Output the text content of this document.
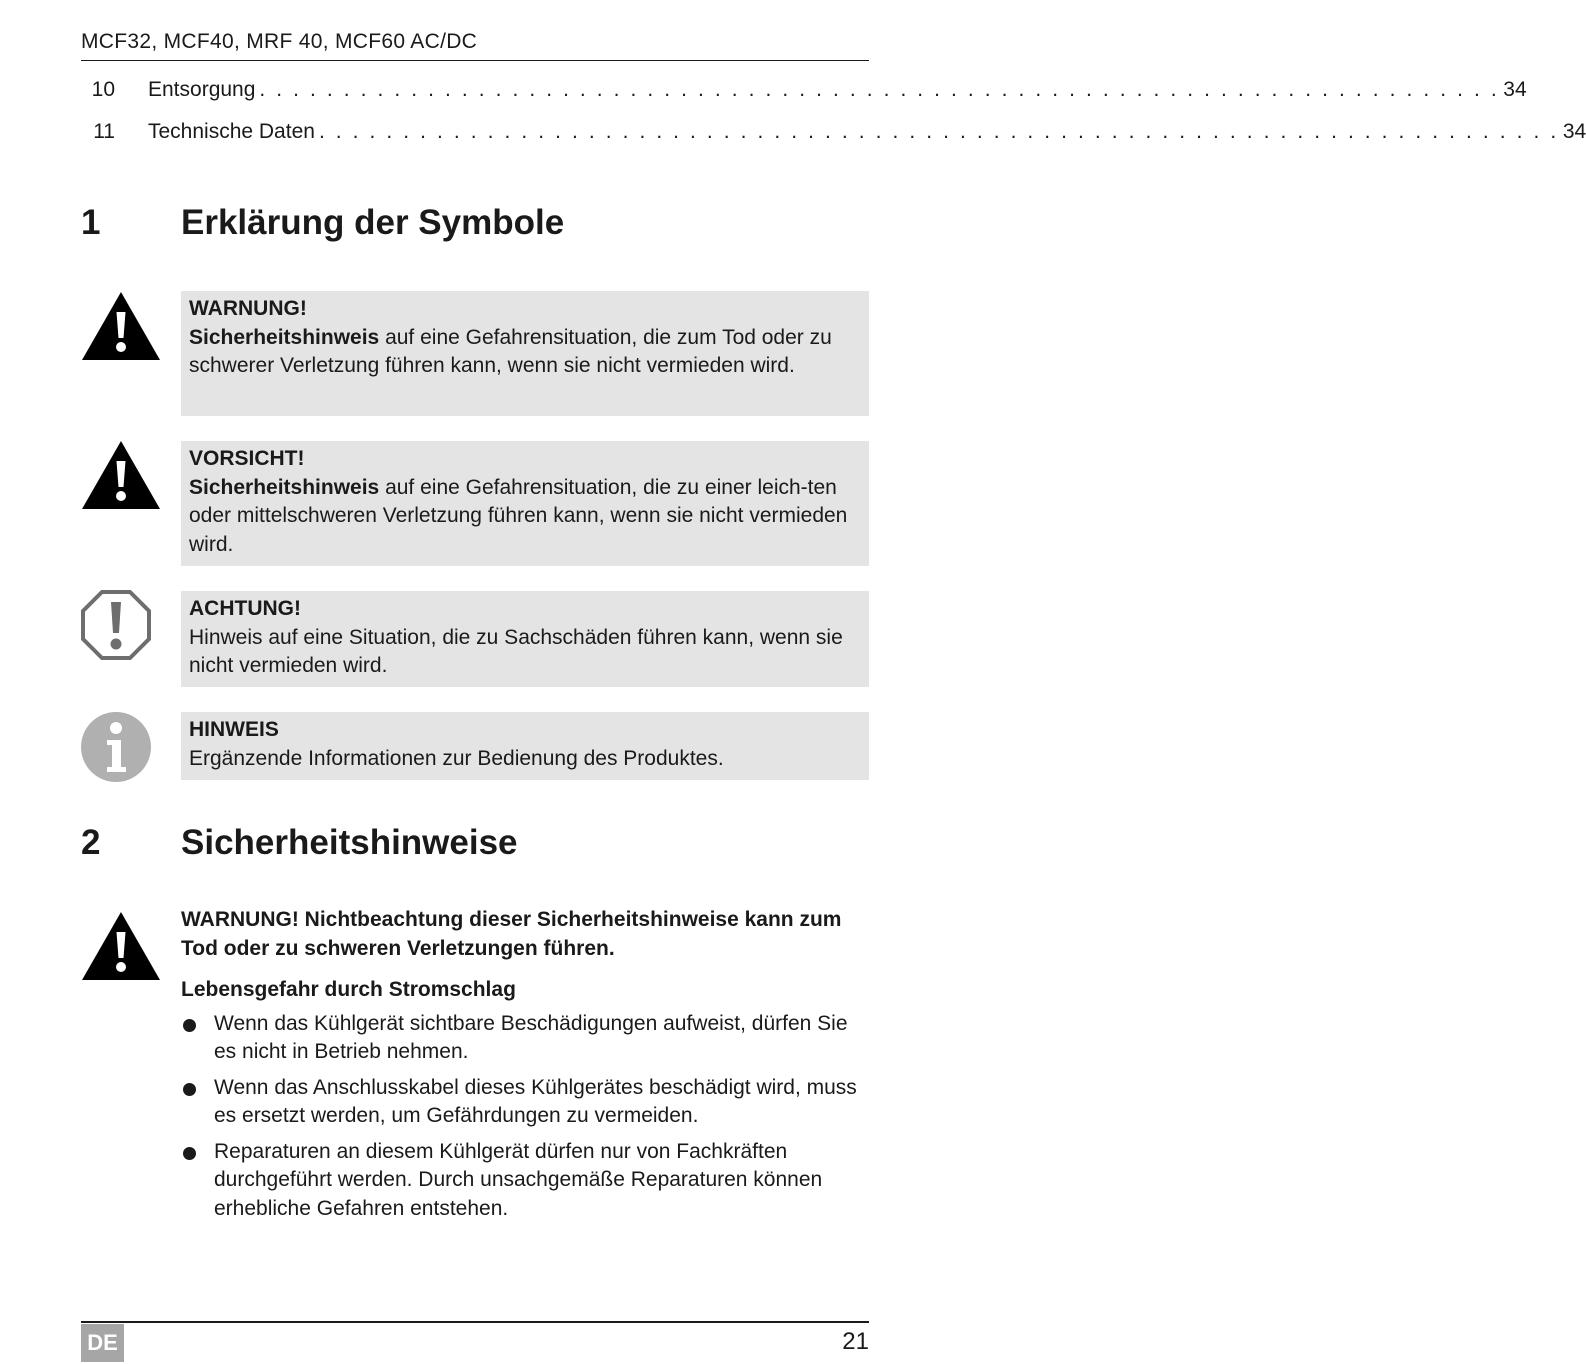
MCF32, MCF40, MRF 40, MCF60 AC/DC
10 Entsorgung . . . . . . . . . . . . . . . . . . . . . . . . . . . . . . . . . . . . . . . . . . . . . . . . . . . . . . . . . . . . . . . . . . . . . . . . . . 34
11 Technische Daten . . . . . . . . . . . . . . . . . . . . . . . . . . . . . . . . . . . . . . . . . . . . . . . . . . . . . . . . . . . . . . . . . . . . . . . . . . 34
1 Erklärung der Symbole
WARNUNG!
Sicherheitshinweis auf eine Gefahrensituation, die zum Tod oder zu schwerer Verletzung führen kann, wenn sie nicht vermieden wird.
VORSICHT!
Sicherheitshinweis auf eine Gefahrensituation, die zu einer leich-ten oder mittelschweren Verletzung führen kann, wenn sie nicht vermieden wird.
ACHTUNG!
Hinweis auf eine Situation, die zu Sachschäden führen kann, wenn sie nicht vermieden wird.
HINWEIS
Ergänzende Informationen zur Bedienung des Produktes.
2 Sicherheitshinweise
WARNUNG! Nichtbeachtung dieser Sicherheitshinweise kann zum Tod oder zu schweren Verletzungen führen.
Lebensgefahr durch Stromschlag
Wenn das Kühlgerät sichtbare Beschädigungen aufweist, dürfen Sie es nicht in Betrieb nehmen.
Wenn das Anschlusskabel dieses Kühlgerätes beschädigt wird, muss es ersetzt werden, um Gefährdungen zu vermeiden.
Reparaturen an diesem Kühlgerät dürfen nur von Fachkräften durchgeführt werden. Durch unsachgemäße Reparaturen können erhebliche Gefahren entstehen.
DE	21
